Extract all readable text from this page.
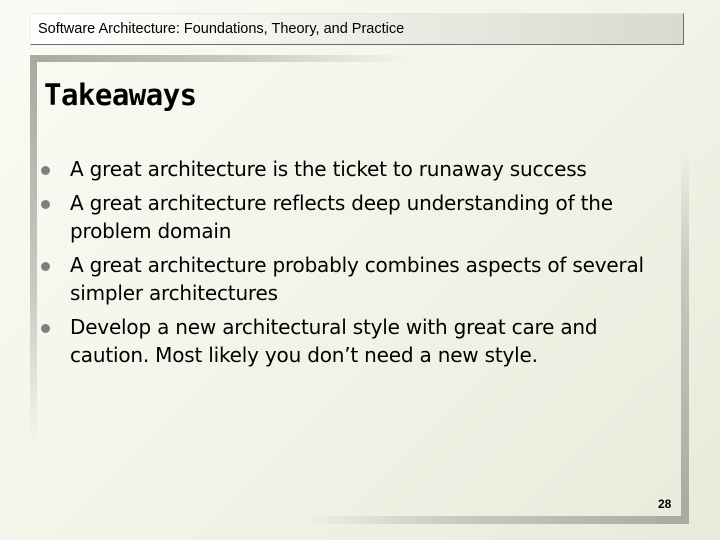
Software Architecture: Foundations, Theory, and Practice
Takeaways
A great architecture is the ticket to runaway success
A great architecture reflects deep understanding of the problem domain
A great architecture probably combines aspects of several simpler architectures
Develop a new architectural style with great care and caution. Most likely you don’t need a new style.
28
